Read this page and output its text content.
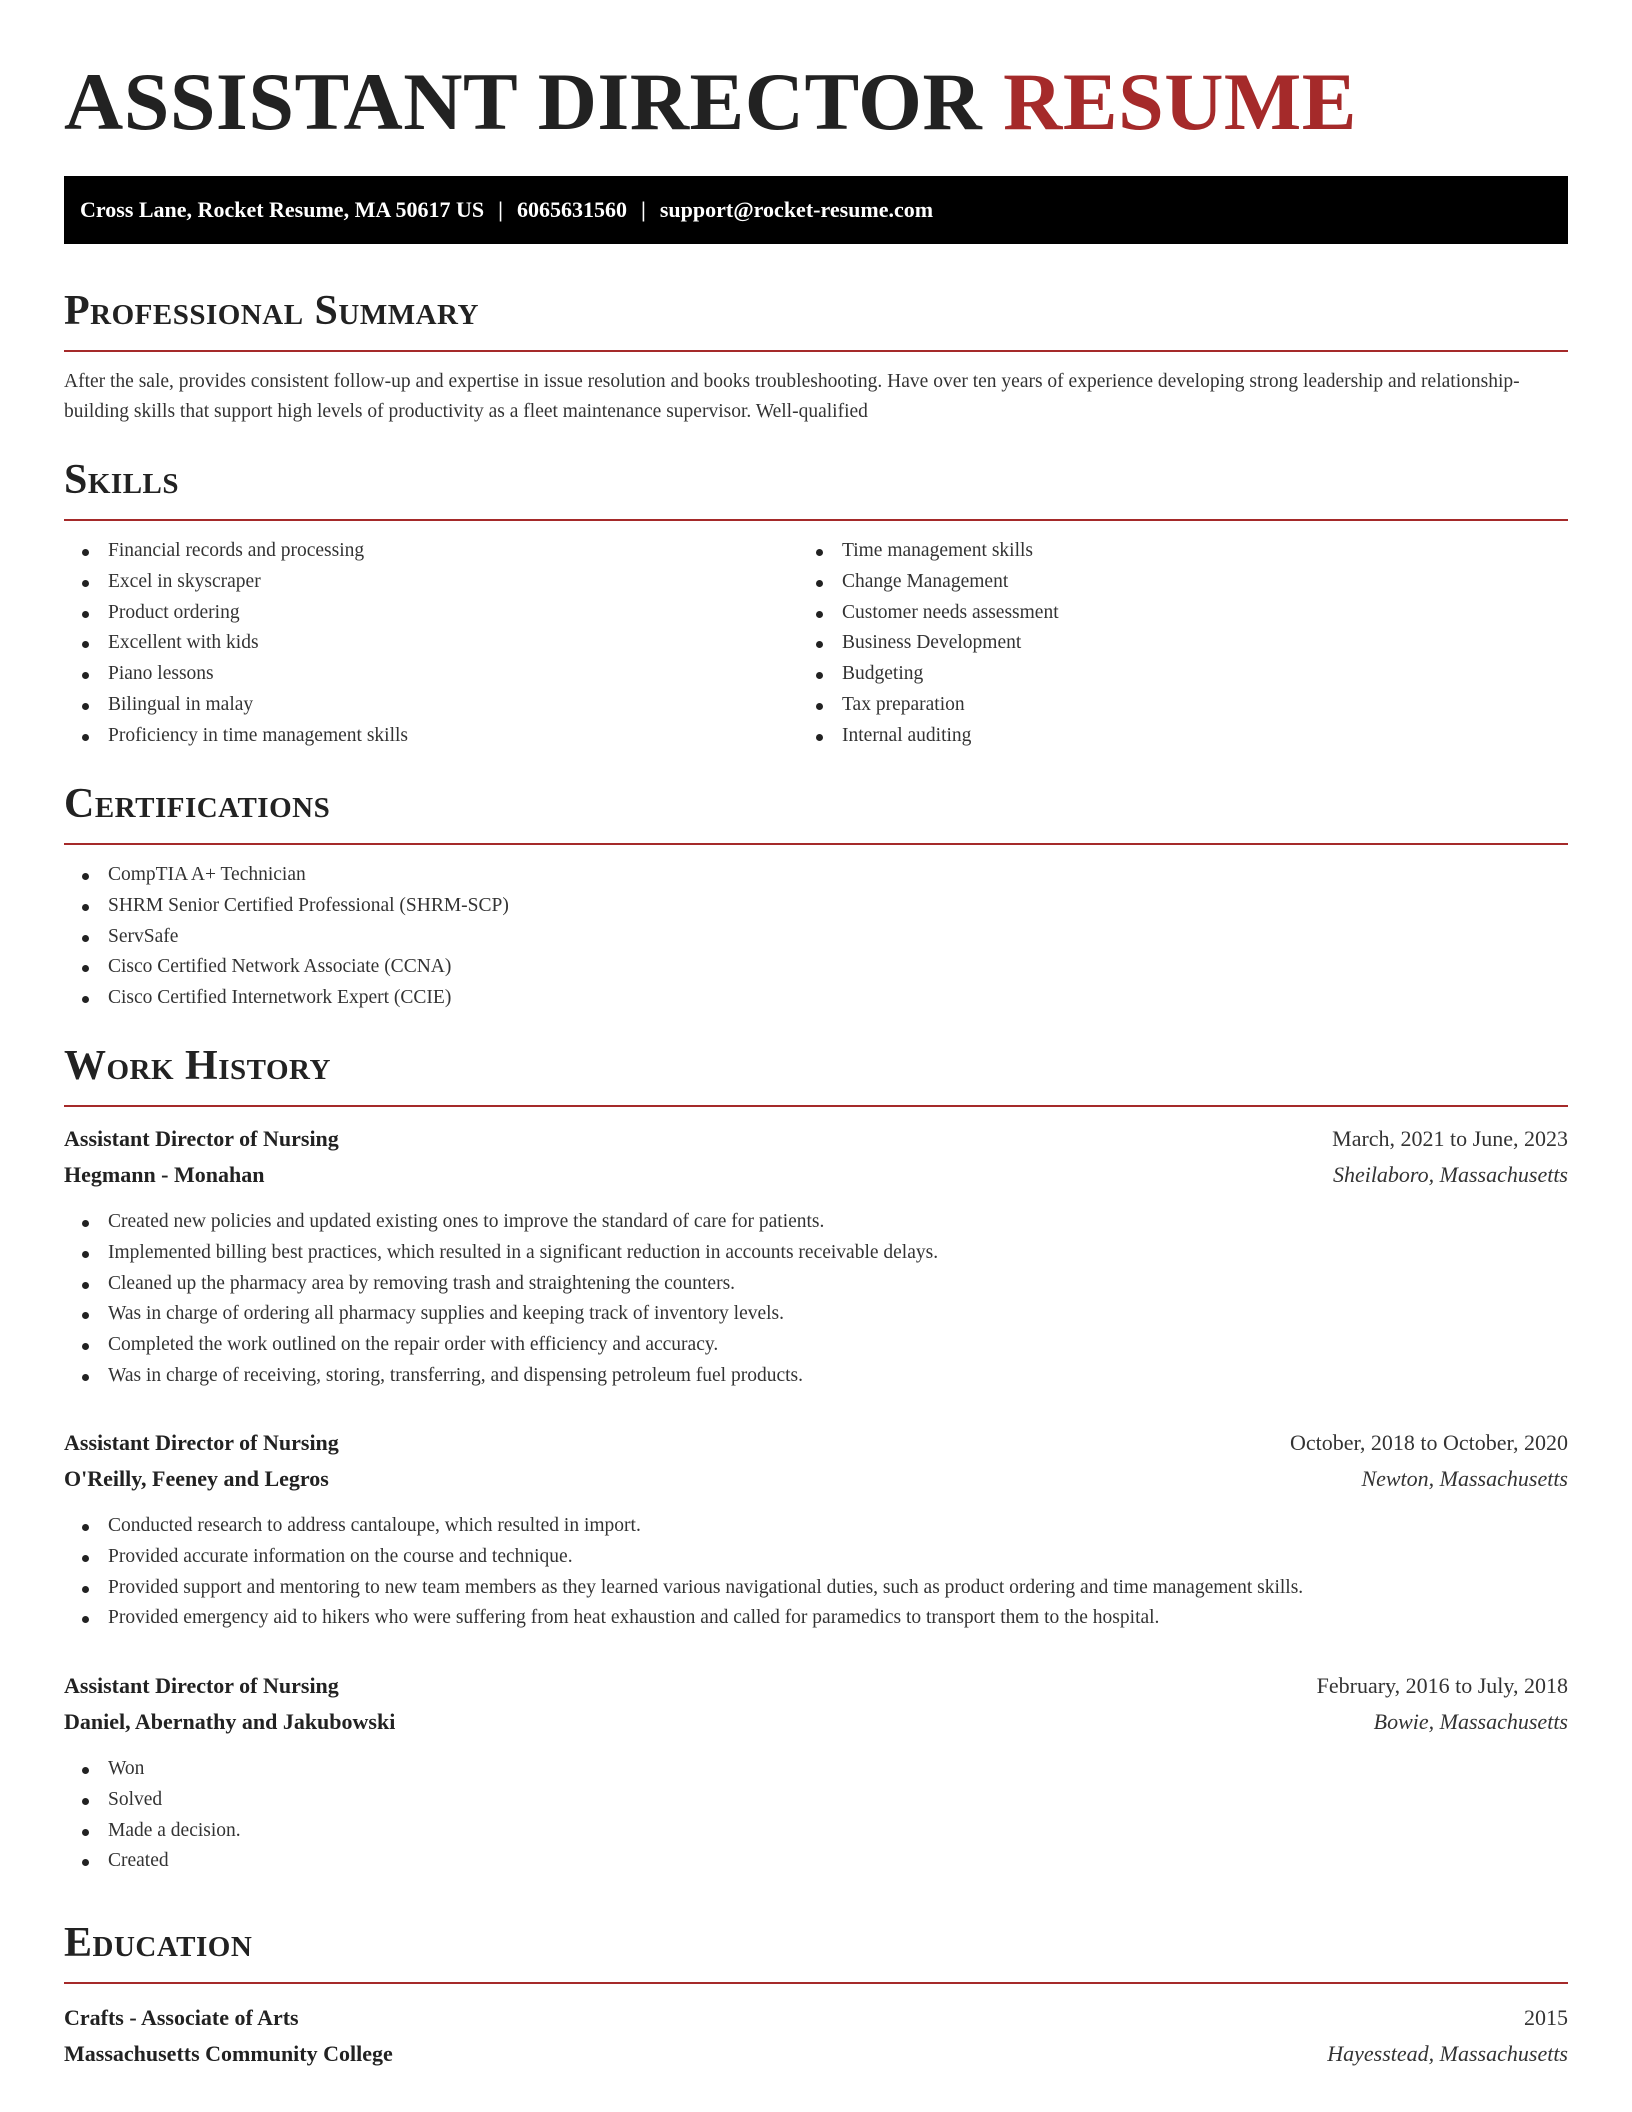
ASSISTANT DIRECTOR RESUME
Cross Lane, Rocket Resume, MA 50617 US | 6065631560 | support@rocket-resume.com
Professional Summary

After the sale, provides consistent follow-up and expertise in issue resolution and books troubleshooting. Have over ten years of experience developing strong leadership and relationship-building skills that support high levels of productivity as a fleet maintenance supervisor. Well-qualified

Skills
Financial records and processing
Excel in skyscraper
Product ordering
Excellent with kids
Piano lessons
Bilingual in malay
Proficiency in time management skills
Time management skills
Change Management
Customer needs assessment
Business Development
Budgeting
Tax preparation
Internal auditing
Certifications
CompTIA A+ Technician
SHRM Senior Certified Professional (SHRM-SCP)
ServSafe
Cisco Certified Network Associate (CCNA)
Cisco Certified Internetwork Expert (CCIE)
Work History
Assistant Director of Nursing	March, 2021 to June, 2023
Hegmann - Monahan	Sheilaboro, Massachusetts
Created new policies and updated existing ones to improve the standard of care for patients.
Implemented billing best practices, which resulted in a significant reduction in accounts receivable delays.
Cleaned up the pharmacy area by removing trash and straightening the counters.
Was in charge of ordering all pharmacy supplies and keeping track of inventory levels.
Completed the work outlined on the repair order with efficiency and accuracy.
Was in charge of receiving, storing, transferring, and dispensing petroleum fuel products.
Assistant Director of Nursing	October, 2018 to October, 2020
O'Reilly, Feeney and Legros	Newton, Massachusetts
Conducted research to address cantaloupe, which resulted in import.
Provided accurate information on the course and technique.
Provided support and mentoring to new team members as they learned various navigational duties, such as product ordering and time management skills.
Provided emergency aid to hikers who were suffering from heat exhaustion and called for paramedics to transport them to the hospital.
Assistant Director of Nursing	February, 2016 to July, 2018
Daniel, Abernathy and Jakubowski	Bowie, Massachusetts
Won
Solved
Made a decision.
Created
Education
Crafts - Associate of Arts	2015
Massachusetts Community College	Hayesstead, Massachusetts
